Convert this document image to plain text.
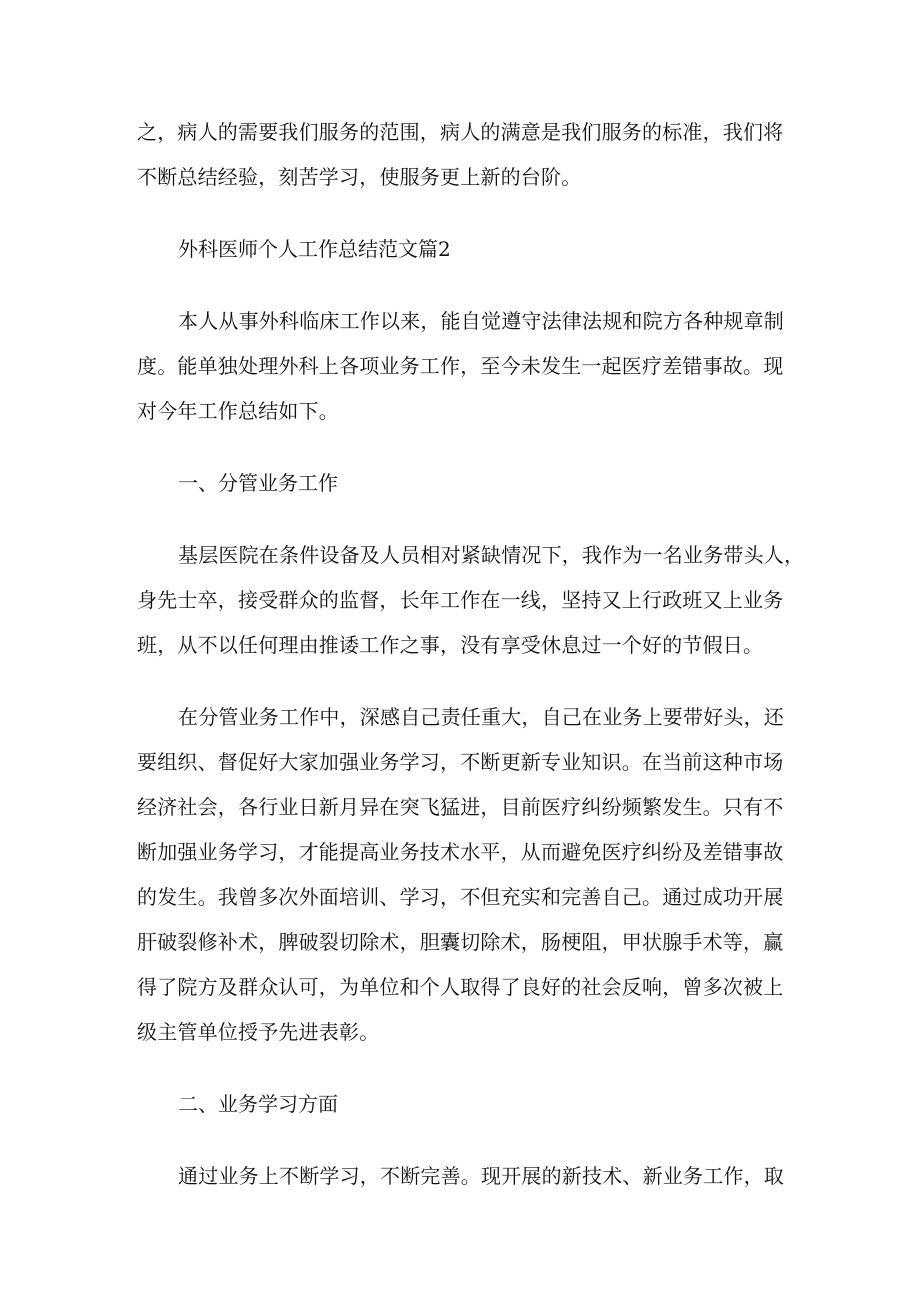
之，病人的需要我们服务的范围，病人的满意是我们服务的标准，我们将
不断总结经验，刻苦学习，使服务更上新的台阶。

外科医师个人工作总结范文篇2

本人从事外科临床工作以来，能自觉遵守法律法规和院方各种规章制
度。能单独处理外科上各项业务工作，至今未发生一起医疗差错事故。现
对今年工作总结如下。

一、分管业务工作

基层医院在条件设备及人员相对紧缺情况下，我作为一名业务带头人，
身先士卒，接受群众的监督，长年工作在一线，坚持又上行政班又上业务
班，从不以任何理由推诿工作之事，没有享受休息过一个好的节假日。

在分管业务工作中，深感自己责任重大，自己在业务上要带好头，还
要组织、督促好大家加强业务学习，不断更新专业知识。在当前这种市场
经济社会，各行业日新月异在突飞猛进，目前医疗纠纷频繁发生。只有不
断加强业务学习，才能提高业务技术水平，从而避免医疗纠纷及差错事故
的发生。我曾多次外面培训、学习，不但充实和完善自己。通过成功开展
肝破裂修补术，脾破裂切除术，胆囊切除术，肠梗阻，甲状腺手术等，赢
得了院方及群众认可，为单位和个人取得了良好的社会反响，曾多次被上
级主管单位授予先进表彰。

二、业务学习方面

通过业务上不断学习，不断完善。现开展的新技术、新业务工作，取
